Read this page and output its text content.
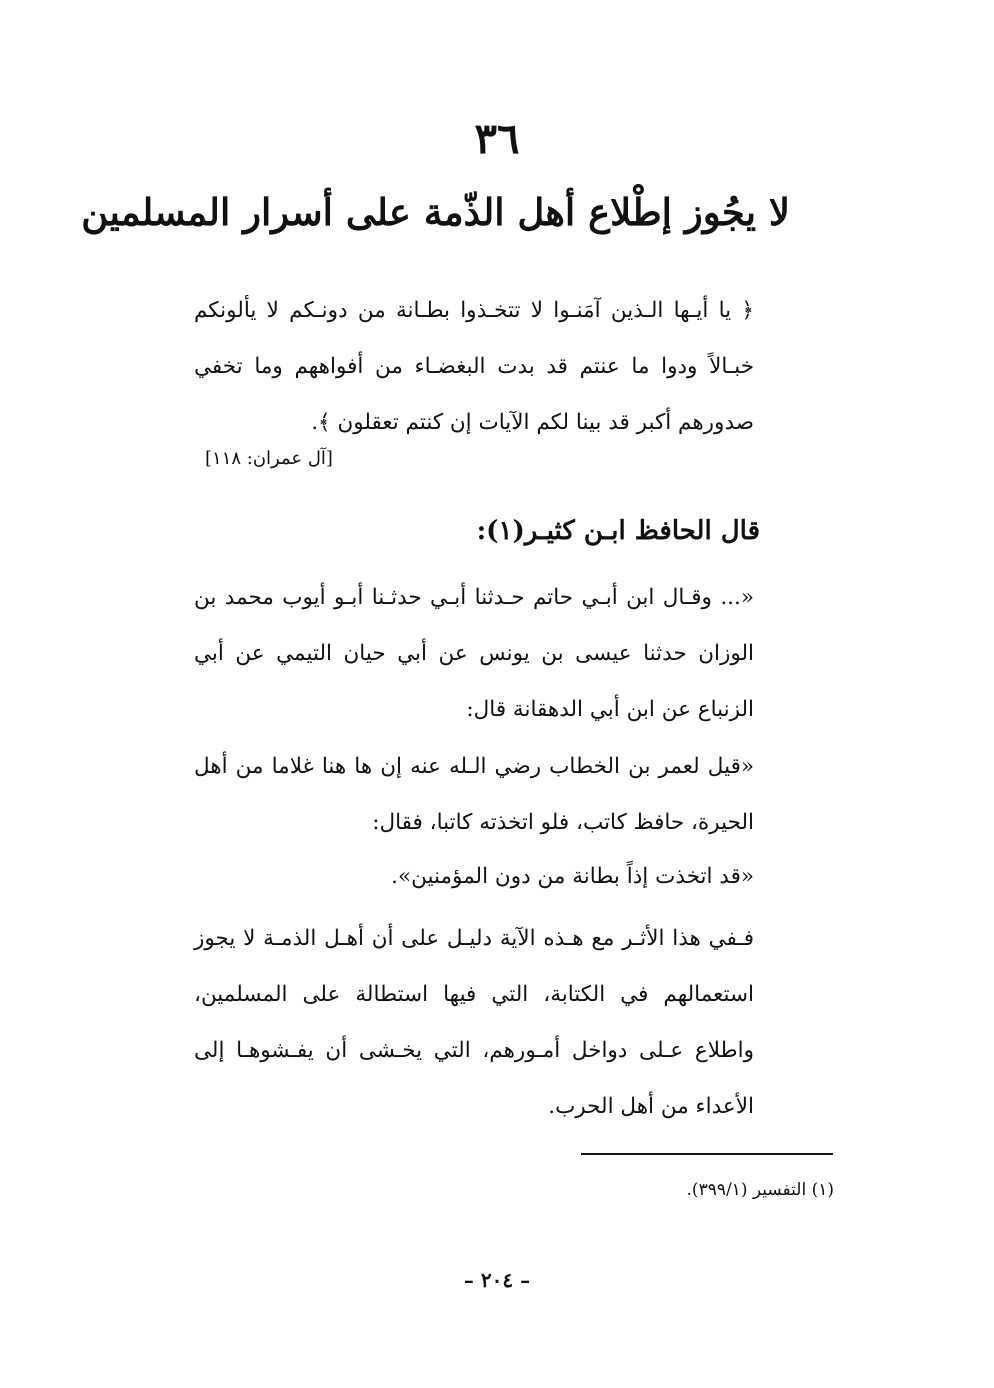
٣٦
لا يجُوز إطْلاع أهل الذّمة على أسرار المسلمين

﴿ يا أيـها الـذين آمَنـوا لا تتخـذوا بطـانة من دونـكم لا يألونكم خبـالاً ودوا ما عنتم قد بدت البغضـاء من أفواههم وما تخفي صدورهم أكبر قد بينا لكم الآيات إن كنتم تعقلون ﴾.

[آل عمران: ١١٨]
قال الحافظ ابـن كثيـر(١):

«... وقـال ابن أبـي حاتم حـدثنا أبـي حدثـنا أبـو أيوب محمد بن الوزان حدثنا عيسى بن يونس عن أبي حيان التيمي عن أبي الزنباع عن ابن أبي الدهقانة قال:

«قيل لعمر بن الخطاب رضي الـله عنه إن ها هنا غلاما من أهل الحيرة، حافظ كاتب، فلو اتخذته كاتبا، فقال:

«قد اتخذت إذاً بطانة من دون المؤمنين».

فـفي هذا الأثـر مع هـذه الآية دليـل على أن أهـل الذمـة لا يجوز استعمالهم في الكتابة، التي فيها استطالة على المسلمين، واطلاع عـلى دواخل أمـورهم، التي يخـشى أن يفـشوهـا إلى الأعداء من أهل الحرب.

(١) التفسير (٣٩٩/١).
– ٢٠٤ –
